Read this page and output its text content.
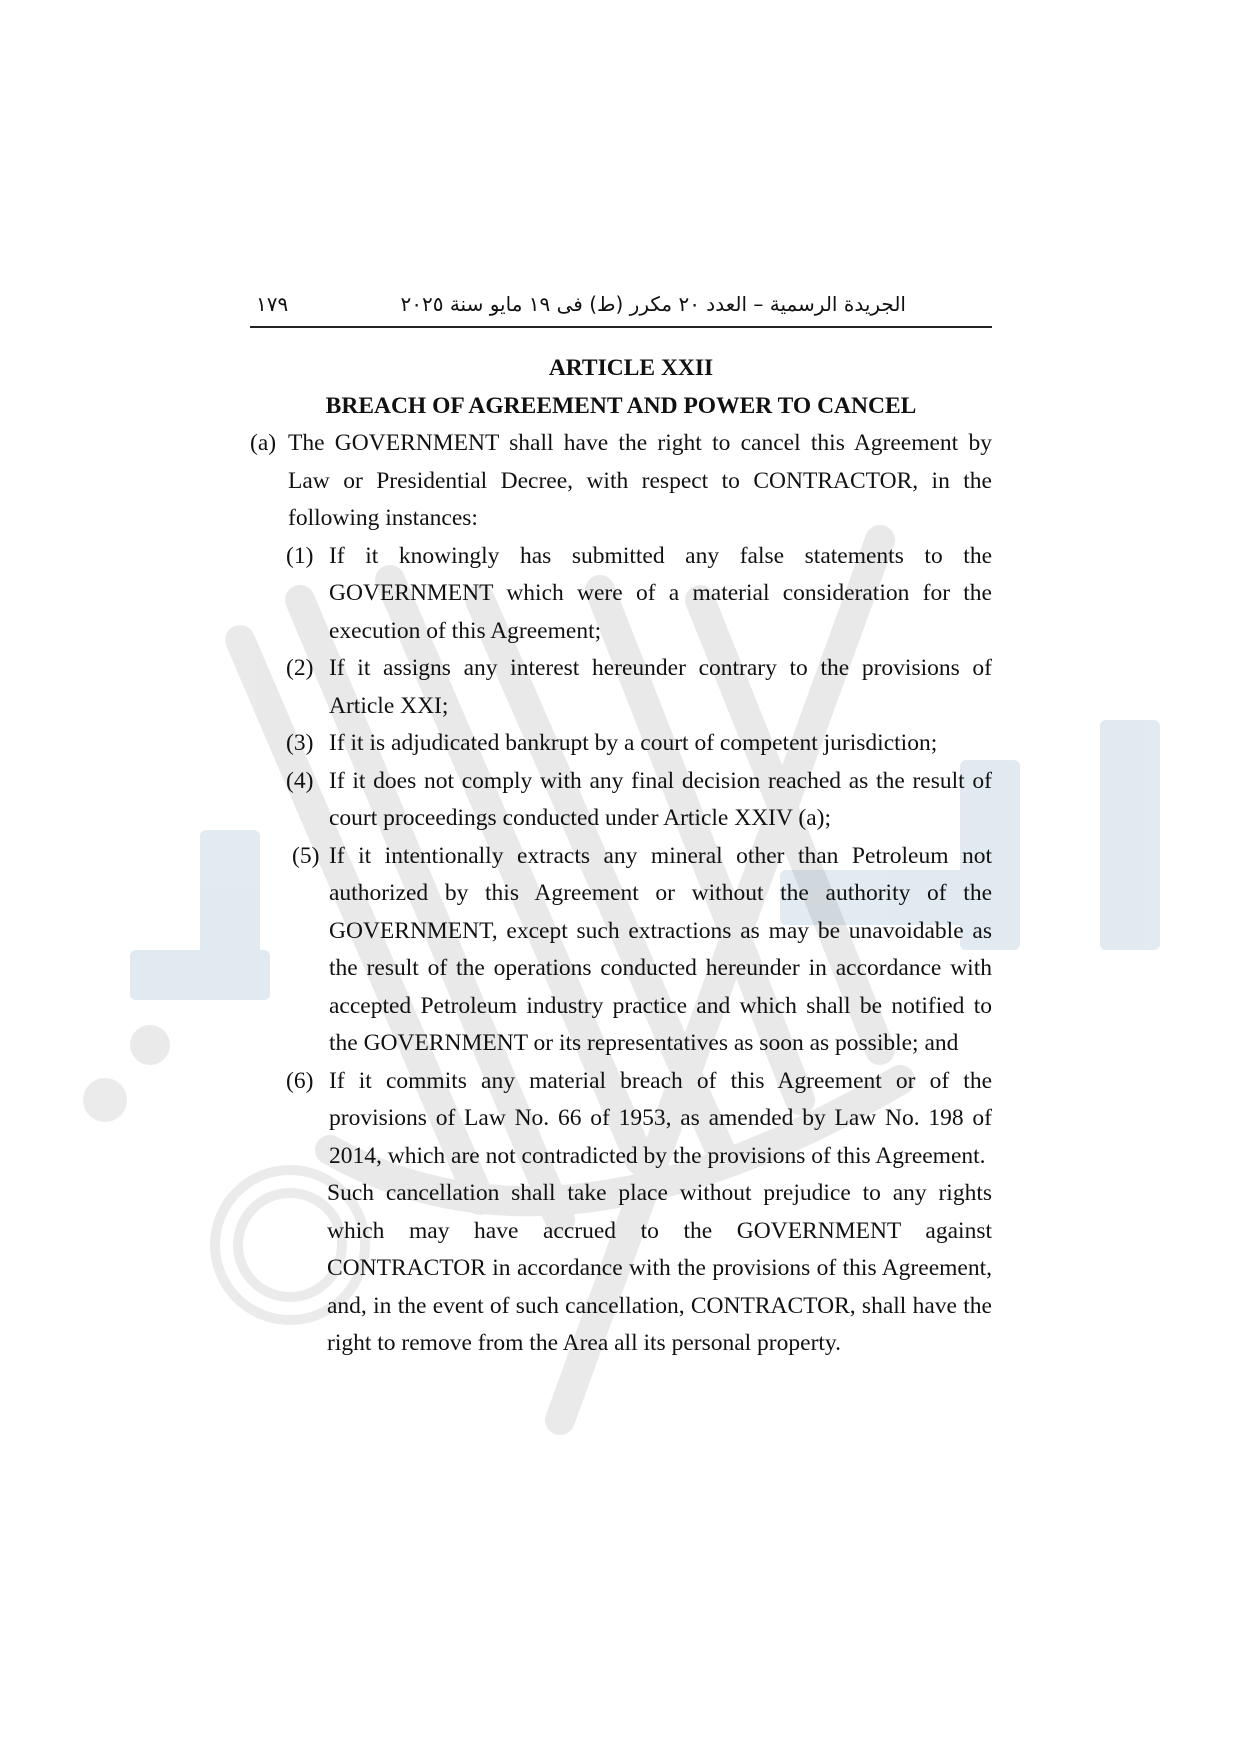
١٧٩	الجريدة الرسمية – العدد ٢٠ مكرر (ط) فى ١٩ مايو سنة ٢٠٢٥

ARTICLE XXII

BREACH OF AGREEMENT AND POWER TO CANCEL

(a) The GOVERNMENT shall have the right to cancel this Agreement by Law or Presidential Decree, with respect to CONTRACTOR, in the following instances:
(1) If it knowingly has submitted any false statements to the GOVERNMENT which were of a material consideration for the execution of this Agreement;
(2) If it assigns any interest hereunder contrary to the provisions of Article XXI;
(3) If it is adjudicated bankrupt by a court of competent jurisdiction;
(4) If it does not comply with any final decision reached as the result of court proceedings conducted under Article XXIV (a);
(5) If it intentionally extracts any mineral other than Petroleum not authorized by this Agreement or without the authority of the GOVERNMENT, except such extractions as may be unavoidable as the result of the operations conducted hereunder in accordance with accepted Petroleum industry practice and which shall be notified to the GOVERNMENT or its representatives as soon as possible; and
(6) If it commits any material breach of this Agreement or of the provisions of Law No. 66 of 1953, as amended by Law No. 198 of 2014, which are not contradicted by the provisions of this Agreement.
Such cancellation shall take place without prejudice to any rights which may have accrued to the GOVERNMENT against CONTRACTOR in accordance with the provisions of this Agreement, and, in the event of such cancellation, CONTRACTOR, shall have the right to remove from the Area all its personal property.
